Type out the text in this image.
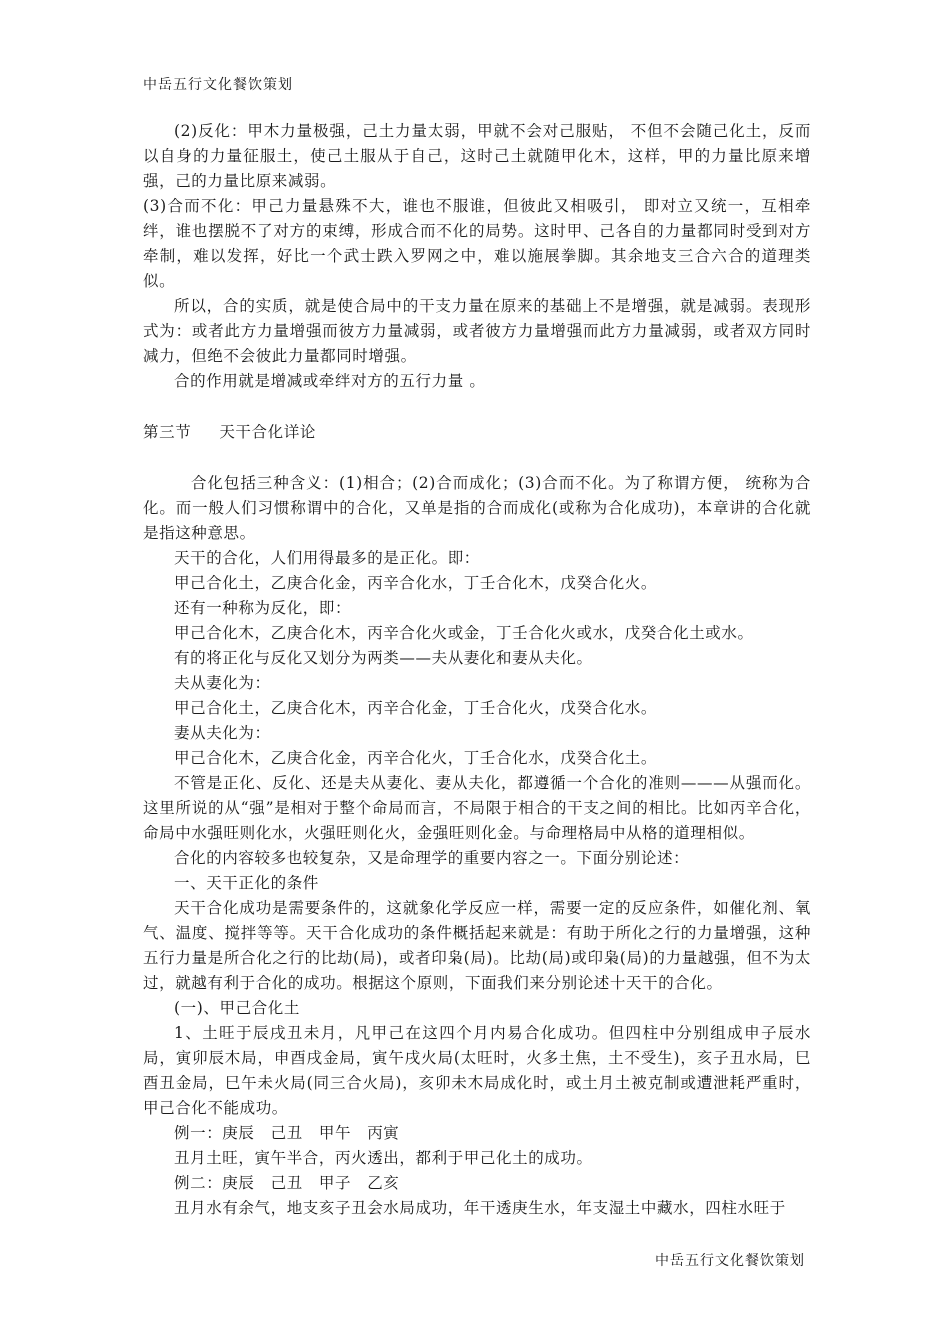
中岳五行文化餐饮策划

(2)反化：甲木力量极强，己土力量太弱，甲就不会对己服贴， 不但不会随己化土，反而以自身的力量征服土，使己土服从于自己，这时己土就随甲化木，这样，甲的力量比原来增强，己的力量比原来减弱。

(3)合而不化：甲己力量悬殊不大，谁也不服谁，但彼此又相吸引， 即对立又统一，互相牵绊，谁也摆脱不了对方的束缚，形成合而不化的局势。这时甲、己各自的力量都同时受到对方牵制，难以发挥，好比一个武士跌入罗网之中，难以施展拳脚。其余地支三合六合的道理类似。

所以，合的实质，就是使合局中的干支力量在原来的基础上不是增强，就是减弱。表现形式为：或者此方力量增强而彼方力量减弱，或者彼方力量增强而此方力量减弱，或者双方同时减力，但绝不会彼此力量都同时增强。

合的作用就是增减或牵绊对方的五行力量 。

第三节 天干合化详论

合化包括三种含义：(1)相合；(2)合而成化；(3)合而不化。为了称谓方便， 统称为合化。而一般人们习惯称谓中的合化，又单是指的合而成化(或称为合化成功)，本章讲的合化就是指这种意思。

天干的合化，人们用得最多的是正化。即：

甲己合化土，乙庚合化金，丙辛合化水，丁壬合化木，戊癸合化火。

还有一种称为反化，即：

甲己合化木，乙庚合化木，丙辛合化火或金，丁壬合化火或水，戊癸合化土或水。

有的将正化与反化又划分为两类——夫从妻化和妻从夫化。

夫从妻化为：

甲己合化土，乙庚合化木，丙辛合化金，丁壬合化火，戊癸合化水。

妻从夫化为：

甲己合化木，乙庚合化金，丙辛合化火，丁壬合化水，戊癸合化土。

不管是正化、反化、还是夫从妻化、妻从夫化，都遵循一个合化的准则———从强而化。这里所说的从“强”是相对于整个命局而言，不局限于相合的干支之间的相比。比如丙辛合化，命局中水强旺则化水，火强旺则化火，金强旺则化金。与命理格局中从格的道理相似。

合化的内容较多也较复杂，又是命理学的重要内容之一。下面分别论述：

一、天干正化的条件

天干合化成功是需要条件的，这就象化学反应一样，需要一定的反应条件，如催化剂、氧气、温度、搅拌等等。天干合化成功的条件概括起来就是：有助于所化之行的力量增强，这种五行力量是所合化之行的比劫(局)，或者印枭(局)。比劫(局)或印枭(局)的力量越强，但不为太过，就越有利于合化的成功。根据这个原则，下面我们来分别论述十天干的合化。

(一)、甲己合化土

1、土旺于辰戌丑未月，凡甲己在这四个月内易合化成功。但四柱中分别组成申子辰水局，寅卯辰木局，申酉戌金局，寅午戌火局(太旺时，火多土焦，土不受生)，亥子丑水局，巳酉丑金局，巳午未火局(同三合火局)，亥卯未木局成化时，或土月土被克制或遭泄耗严重时，甲己合化不能成功。

例一：庚辰　己丑　甲午　丙寅

丑月土旺，寅午半合，丙火透出，都利于甲己化土的成功。

例二：庚辰　己丑　甲子　乙亥

丑月水有余气，地支亥子丑会水局成功，年干透庚生水，年支湿土中藏水，四柱水旺于

中岳五行文化餐饮策划
